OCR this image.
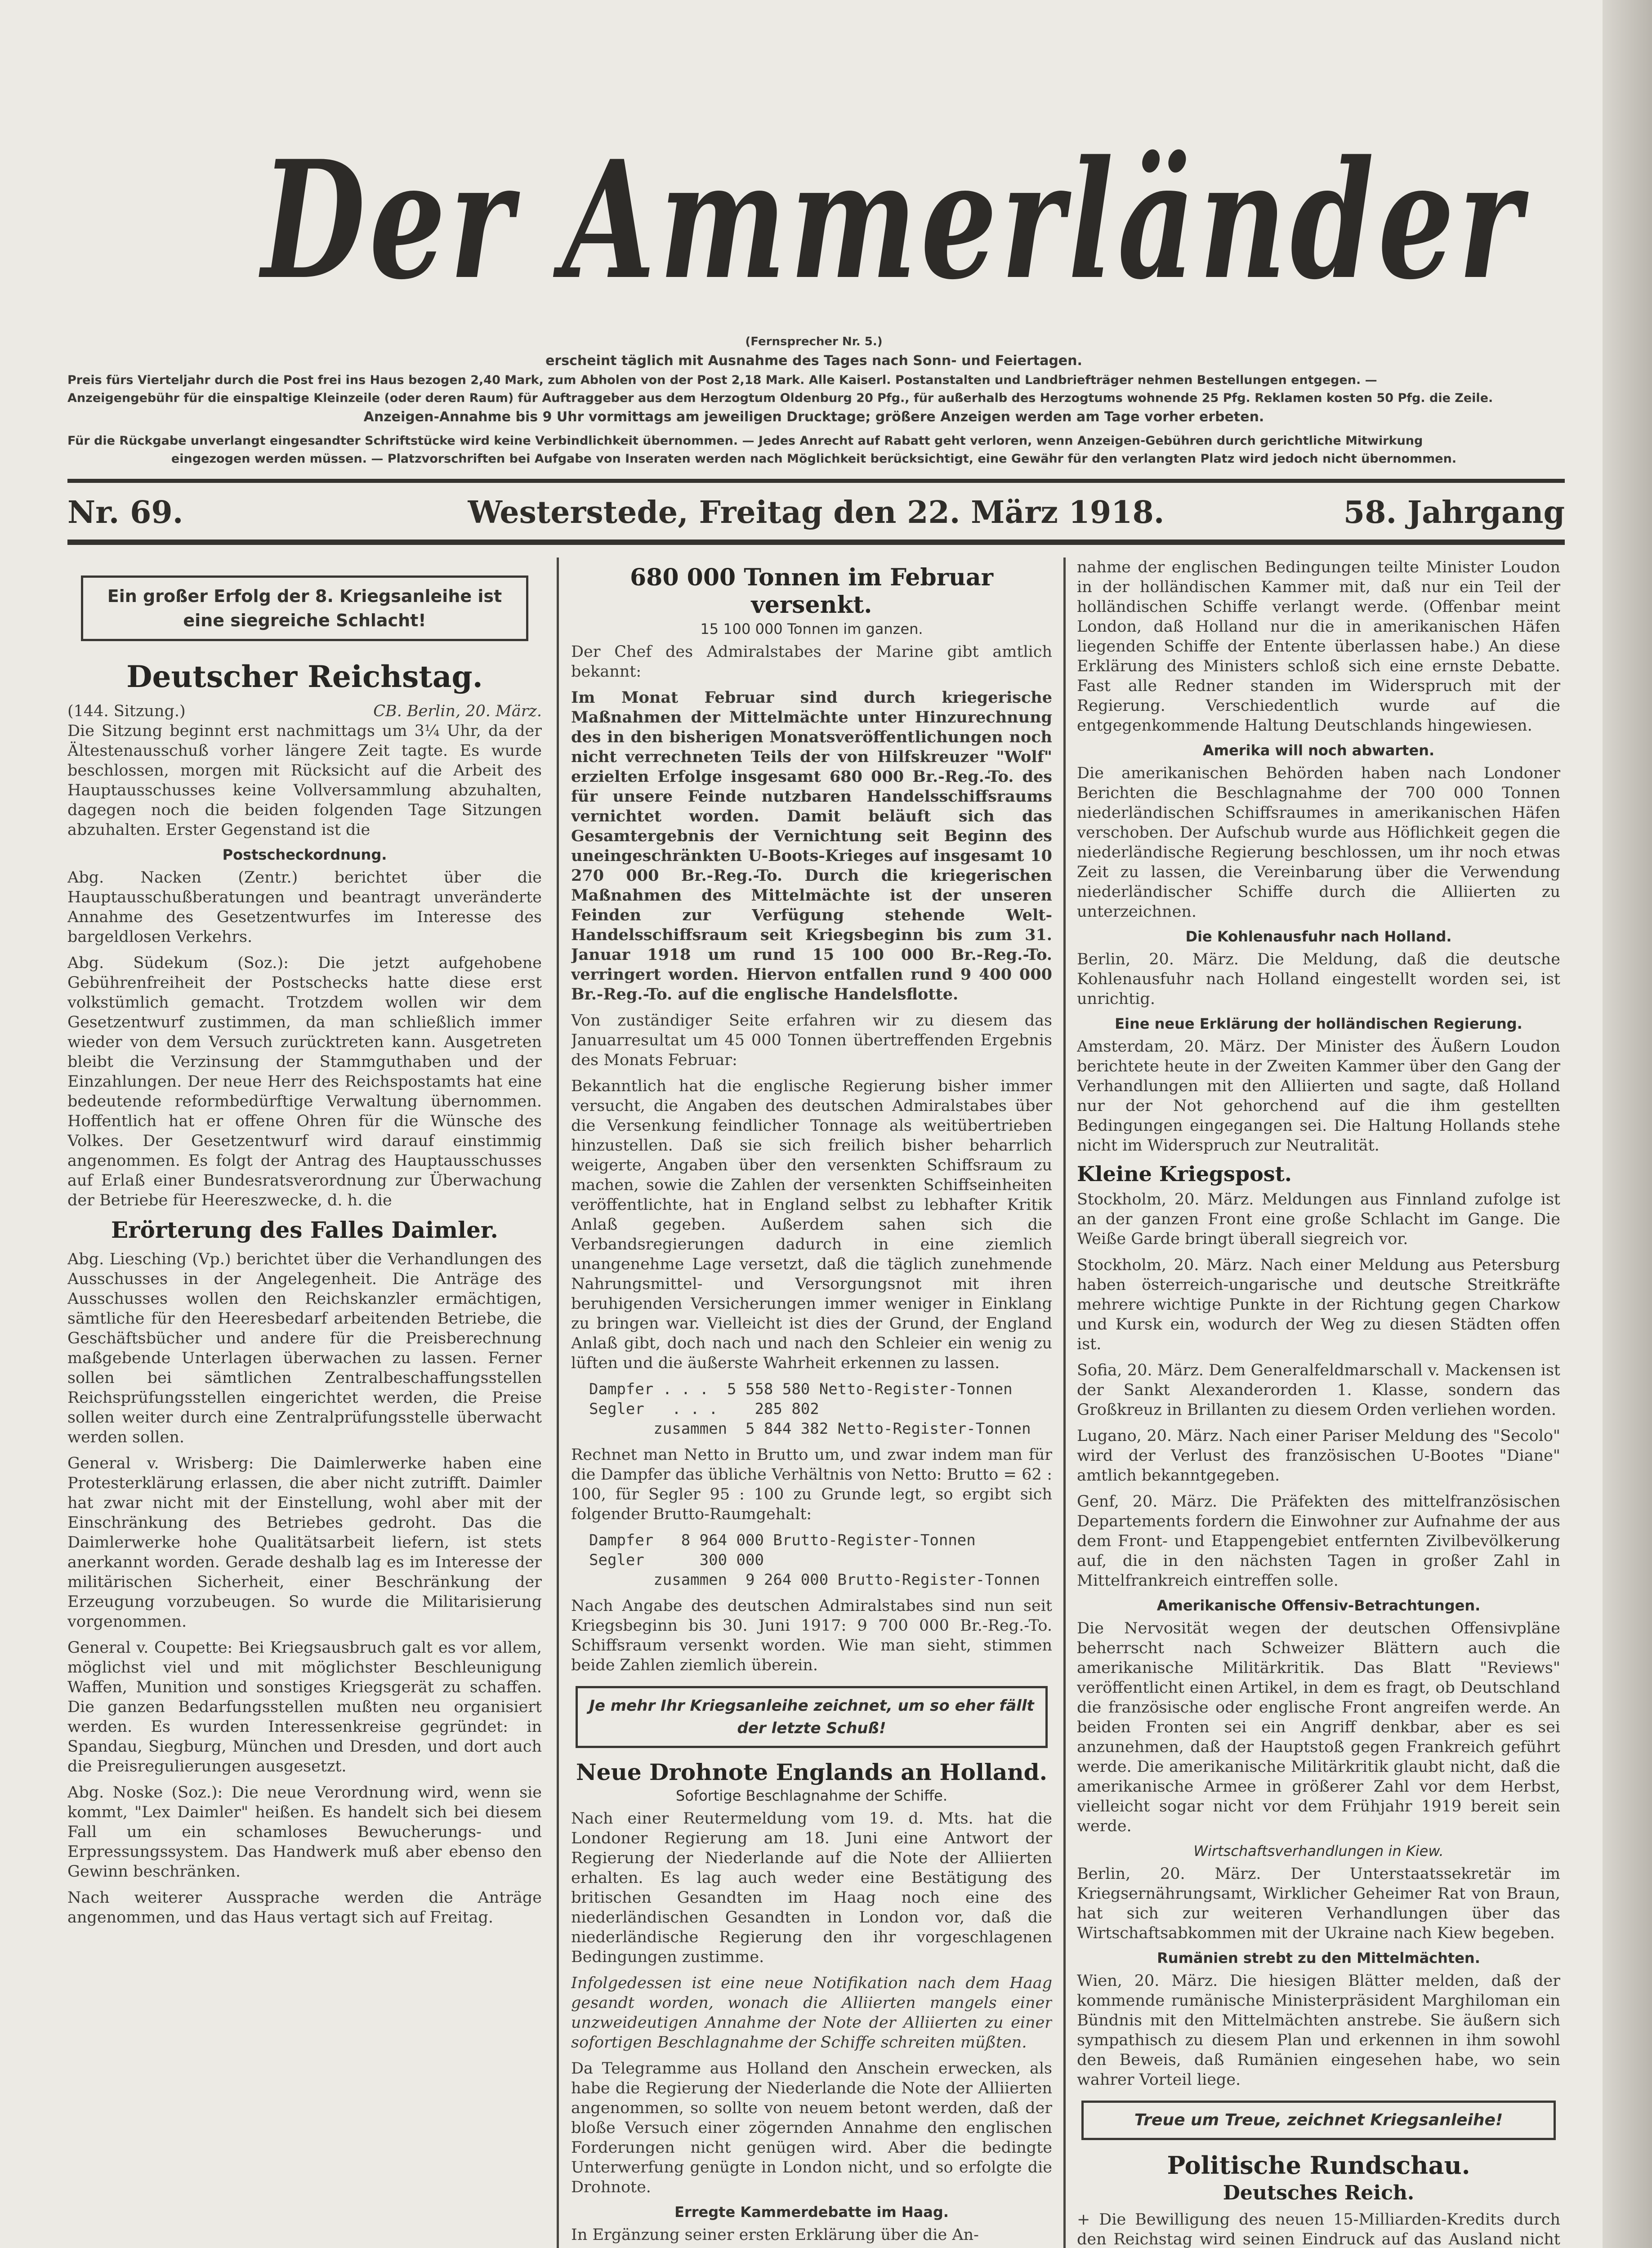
Der Ammerländer
(Fernsprecher Nr. 5.)
erscheint täglich mit Ausnahme des Tages nach Sonn- und Feiertagen.
Preis fürs Vierteljahr durch die Post frei ins Haus bezogen 2,40 Mark, zum Abholen von der Post 2,18 Mark. Alle Kaiserl. Postanstalten und Landbriefträger nehmen Bestellungen entgegen. —
Anzeigengebühr für die einspaltige Kleinzeile (oder deren Raum) für Auftraggeber aus dem Herzogtum Oldenburg 20 Pfg., für außerhalb des Herzogtums wohnende 25 Pfg. Reklamen kosten 50 Pfg. die Zeile.
Anzeigen-Annahme bis 9 Uhr vormittags am jeweiligen Drucktage; größere Anzeigen werden am Tage vorher erbeten.
Für die Rückgabe unverlangt eingesandter Schriftstücke wird keine Verbindlichkeit übernommen. — Jedes Anrecht auf Rabatt geht verloren, wenn Anzeigen-Gebühren durch gerichtliche Mitwirkung
eingezogen werden müssen. — Platzvorschriften bei Aufgabe von Inseraten werden nach Möglichkeit berücksichtigt, eine Gewähr für den verlangten Platz wird jedoch nicht übernommen.
Nr. 69.	Westerstede, Freitag den 22. März 1918.	58. Jahrgang
Ein großer Erfolg der 8. Kriegsanleihe ist eine siegreiche Schlacht!
Deutscher Reichstag.
(144. Sitzung.)	CB. Berlin, 20. März.

Die Sitzung beginnt erst nachmittags um 3¼ Uhr, da der Ältestenausschuß vorher längere Zeit tagte. Es wurde beschlossen, morgen mit Rücksicht auf die Arbeit des Hauptausschusses keine Vollversammlung abzuhalten, dagegen noch die beiden folgenden Tage Sitzungen abzuhalten. Erster Gegenstand ist die

Postscheckordnung.

Abg. Nacken (Zentr.) berichtet über die Hauptausschußberatungen und beantragt unveränderte Annahme des Gesetzentwurfes im Interesse des bargeldlosen Verkehrs.

Abg. Südekum (Soz.): Die jetzt aufgehobene Gebührenfreiheit der Postschecks hatte diese erst volkstümlich gemacht. Trotzdem wollen wir dem Gesetzentwurf zustimmen, da man schließlich immer wieder von dem Versuch zurücktreten kann. Ausgetreten bleibt die Verzinsung der Stammguthaben und der Einzahlungen. Der neue Herr des Reichspostamts hat eine bedeutende reformbedürftige Verwaltung übernommen. Hoffentlich hat er offene Ohren für die Wünsche des Volkes. Der Gesetzentwurf wird darauf einstimmig angenommen. Es folgt der Antrag des Hauptausschusses auf Erlaß einer Bundesratsverordnung zur Überwachung der Betriebe für Heereszwecke, d. h. die

Erörterung des Falles Daimler.

Abg. Liesching (Vp.) berichtet über die Verhandlungen des Ausschusses in der Angelegenheit. Die Anträge des Ausschusses wollen den Reichskanzler ermächtigen, sämtliche für den Heeresbedarf arbeitenden Betriebe, die Geschäftsbücher und andere für die Preisberechnung maßgebende Unterlagen überwachen zu lassen. Ferner sollen bei sämtlichen Zentralbeschaffungsstellen Reichsprüfungsstellen eingerichtet werden, die Preise sollen weiter durch eine Zentralprüfungsstelle überwacht werden sollen.

General v. Wrisberg: Die Daimlerwerke haben eine Protesterklärung erlassen, die aber nicht zutrifft. Daimler hat zwar nicht mit der Einstellung, wohl aber mit der Einschränkung des Betriebes gedroht. Das die Daimlerwerke hohe Qualitätsarbeit liefern, ist stets anerkannt worden. Gerade deshalb lag es im Interesse der militärischen Sicherheit, einer Beschränkung der Erzeugung vorzubeugen. So wurde die Militarisierung vorgenommen.

General v. Coupette: Bei Kriegsausbruch galt es vor allem, möglichst viel und mit möglichster Beschleunigung Waffen, Munition und sonstiges Kriegsgerät zu schaffen. Die ganzen Bedarfungsstellen mußten neu organisiert werden. Es wurden Interessenkreise gegründet: in Spandau, Siegburg, München und Dresden, und dort auch die Preisregulierungen ausgesetzt.

Abg. Noske (Soz.): Die neue Verordnung wird, wenn sie kommt, "Lex Daimler" heißen. Es handelt sich bei diesem Fall um ein schamloses Bewucherungs- und Erpressungssystem. Das Handwerk muß aber ebenso den Gewinn beschränken.

Nach weiterer Aussprache werden die Anträge angenommen, und das Haus vertagt sich auf Freitag.

680 000 Tonnen im Februar versenkt.
15 100 000 Tonnen im ganzen.

Der Chef des Admiralstabes der Marine gibt amtlich bekannt:

Im Monat Februar sind durch kriegerische Maßnahmen der Mittelmächte unter Hinzurechnung des in den bisherigen Monatsveröffentlichungen noch nicht verrechneten Teils der von Hilfskreuzer "Wolf" erzielten Erfolge insgesamt 680 000 Br.-Reg.-To. des für unsere Feinde nutzbaren Handelsschiffsraums vernichtet worden. Damit beläuft sich das Gesamtergebnis der Vernichtung seit Beginn des uneingeschränkten U-Boots-Krieges auf insgesamt 10 270 000 Br.-Reg.-To. Durch die kriegerischen Maßnahmen des Mittelmächte ist der unseren Feinden zur Verfügung stehende Welt-Handelsschiffsraum seit Kriegsbeginn bis zum 31. Januar 1918 um rund 15 100 000 Br.-Reg.-To. verringert worden. Hiervon entfallen rund 9 400 000 Br.-Reg.-To. auf die englische Handelsflotte.

Von zuständiger Seite erfahren wir zu diesem das Januarresultat um 45 000 Tonnen übertreffenden Ergebnis des Monats Februar:

Bekanntlich hat die englische Regierung bisher immer versucht, die Angaben des deutschen Admiralstabes über die Versenkung feindlicher Tonnage als weitübertrieben hinzustellen. Daß sie sich freilich bisher beharrlich weigerte, Angaben über den versenkten Schiffsraum zu machen, sowie die Zahlen der versenkten Schiffseinheiten veröffentlichte, hat in England selbst zu lebhafter Kritik Anlaß gegeben. Außerdem sahen sich die Verbandsregierungen dadurch in eine ziemlich unangenehme Lage versetzt, daß die täglich zunehmende Nahrungsmittel- und Versorgungsnot mit ihren beruhigenden Versicherungen immer weniger in Einklang zu bringen war. Vielleicht ist dies der Grund, der England Anlaß gibt, doch nach und nach den Schleier ein wenig zu lüften und die äußerste Wahrheit erkennen zu lassen.

Dampfer . . .  5 558 580 Netto-Register-Tonnen
Segler   . . .    285 802
zusammen  5 844 382 Netto-Register-Tonnen

Rechnet man Netto in Brutto um, und zwar indem man für die Dampfer das übliche Verhältnis von Netto: Brutto = 62 : 100, für Segler 95 : 100 zu Grunde legt, so ergibt sich folgender Brutto-Raumgehalt:

Dampfer   8 964 000 Brutto-Register-Tonnen
Segler      300 000
zusammen  9 264 000 Brutto-Register-Tonnen

Nach Angabe des deutschen Admiralstabes sind nun seit Kriegsbeginn bis 30. Juni 1917: 9 700 000 Br.-Reg.-To. Schiffsraum versenkt worden. Wie man sieht, stimmen beide Zahlen ziemlich überein.

Je mehr Ihr Kriegsanleihe zeichnet, um so eher fällt der letzte Schuß!
Neue Drohnote Englands an Holland.
Sofortige Beschlagnahme der Schiffe.

Nach einer Reutermeldung vom 19. d. Mts. hat die Londoner Regierung am 18. Juni eine Antwort der Regierung der Niederlande auf die Note der Alliierten erhalten. Es lag auch weder eine Bestätigung des britischen Gesandten im Haag noch eine des niederländischen Gesandten in London vor, daß die niederländische Regierung den ihr vorgeschlagenen Bedingungen zustimme.

Infolgedessen ist eine neue Notifikation nach dem Haag gesandt worden, wonach die Alliierten mangels einer unzweideutigen Annahme der Note der Alliierten zu einer sofortigen Beschlagnahme der Schiffe schreiten müßten.

Da Telegramme aus Holland den Anschein erwecken, als habe die Regierung der Niederlande die Note der Alliierten angenommen, so sollte von neuem betont werden, daß der bloße Versuch einer zögernden Annahme den englischen Forderungen nicht genügen wird. Aber die bedingte Unterwerfung genügte in London nicht, und so erfolgte die Drohnote.

Erregte Kammerdebatte im Haag.

In Ergänzung seiner ersten Erklärung über die An-

nahme der englischen Bedingungen teilte Minister Loudon in der holländischen Kammer mit, daß nur ein Teil der holländischen Schiffe verlangt werde. (Offenbar meint London, daß Holland nur die in amerikanischen Häfen liegenden Schiffe der Entente überlassen habe.) An diese Erklärung des Ministers schloß sich eine ernste Debatte. Fast alle Redner standen im Widerspruch mit der Regierung. Verschiedentlich wurde auf die entgegenkommende Haltung Deutschlands hingewiesen.

Amerika will noch abwarten.

Die amerikanischen Behörden haben nach Londoner Berichten die Beschlagnahme der 700 000 Tonnen niederländischen Schiffsraumes in amerikanischen Häfen verschoben. Der Aufschub wurde aus Höflichkeit gegen die niederländische Regierung beschlossen, um ihr noch etwas Zeit zu lassen, die Vereinbarung über die Verwendung niederländischer Schiffe durch die Alliierten zu unterzeichnen.

Die Kohlenausfuhr nach Holland.

Berlin, 20. März. Die Meldung, daß die deutsche Kohlenausfuhr nach Holland eingestellt worden sei, ist unrichtig.

Eine neue Erklärung der holländischen Regierung.

Amsterdam, 20. März. Der Minister des Äußern Loudon berichtete heute in der Zweiten Kammer über den Gang der Verhandlungen mit den Alliierten und sagte, daß Holland nur der Not gehorchend auf die ihm gestellten Bedingungen eingegangen sei. Die Haltung Hollands stehe nicht im Widerspruch zur Neutralität.

Kleine Kriegspost.

Stockholm, 20. März. Meldungen aus Finnland zufolge ist an der ganzen Front eine große Schlacht im Gange. Die Weiße Garde bringt überall siegreich vor.

Stockholm, 20. März. Nach einer Meldung aus Petersburg haben österreich-ungarische und deutsche Streitkräfte mehrere wichtige Punkte in der Richtung gegen Charkow und Kursk ein, wodurch der Weg zu diesen Städten offen ist.

Sofia, 20. März. Dem Generalfeldmarschall v. Mackensen ist der Sankt Alexanderorden 1. Klasse, sondern das Großkreuz in Brillanten zu diesem Orden verliehen worden.

Lugano, 20. März. Nach einer Pariser Meldung des "Secolo" wird der Verlust des französischen U-Bootes "Diane" amtlich bekanntgegeben.

Genf, 20. März. Die Präfekten des mittelfranzösischen Departements fordern die Einwohner zur Aufnahme der aus dem Front- und Etappengebiet entfernten Zivilbevölkerung auf, die in den nächsten Tagen in großer Zahl in Mittelfrankreich eintreffen solle.

Amerikanische Offensiv-Betrachtungen.

Die Nervosität wegen der deutschen Offensivpläne beherrscht nach Schweizer Blättern auch die amerikanische Militärkritik. Das Blatt "Reviews" veröffentlicht einen Artikel, in dem es fragt, ob Deutschland die französische oder englische Front angreifen werde. An beiden Fronten sei ein Angriff denkbar, aber es sei anzunehmen, daß der Hauptstoß gegen Frankreich geführt werde. Die amerikanische Militärkritik glaubt nicht, daß die amerikanische Armee in größerer Zahl vor dem Herbst, vielleicht sogar nicht vor dem Frühjahr 1919 bereit sein werde.

Wirtschaftsverhandlungen in Kiew.

Berlin, 20. März. Der Unterstaatssekretär im Kriegsernährungsamt, Wirklicher Geheimer Rat von Braun, hat sich zur weiteren Verhandlungen über das Wirtschaftsabkommen mit der Ukraine nach Kiew begeben.

Rumänien strebt zu den Mittelmächten.

Wien, 20. März. Die hiesigen Blätter melden, daß der kommende rumänische Ministerpräsident Marghiloman ein Bündnis mit den Mittelmächten anstrebe. Sie äußern sich sympathisch zu diesem Plan und erkennen in ihm sowohl den Beweis, daß Rumänien eingesehen habe, wo sein wahrer Vorteil liege.

Treue um Treue, zeichnet Kriegsanleihe!
Politische Rundschau.
Deutsches Reich.

+ Die Bewilligung des neuen 15-Milliarden-Kredits durch den Reichstag wird seinen Eindruck auf das Ausland nicht
